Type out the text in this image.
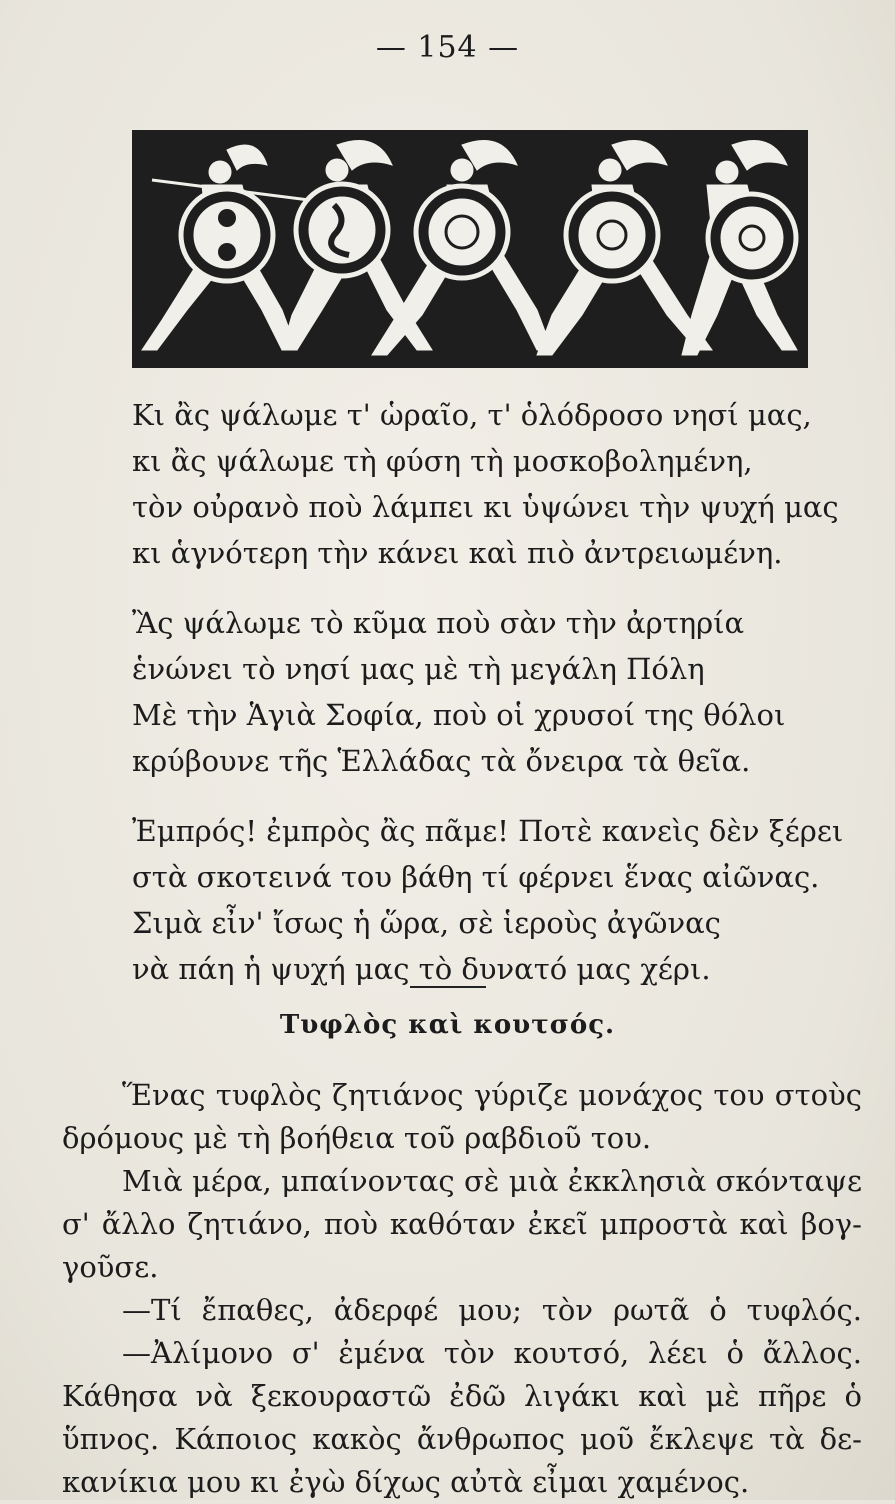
— 154 —
Κι ἂς ψάλωμε τ' ὡραῖο, τ' ὁλόδροσο νησί μας,
κι ἂς ψάλωμε τὴ φύση τὴ μοσκοβολημένη,
τὸν οὐρανὸ ποὺ λάμπει κι ὑψώνει τὴν ψυχή μας
κι ἁγνότερη τὴν κάνει καὶ πιὸ ἀντρειωμένη.
Ἂς ψάλωμε τὸ κῦμα ποὺ σὰν τὴν ἀρτηρία
ἑνώνει τὸ νησί μας μὲ τὴ μεγάλη Πόλη
Μὲ τὴν Ἁγιὰ Σοφία, ποὺ οἱ χρυσοί της θόλοι
κρύβουνε τῆς Ἑλλάδας τὰ ὄνειρα τὰ θεῖα.
Ἐμπρός! ἐμπρὸς ἂς πᾶμε! Ποτὲ κανεὶς δὲν ξέρει
στὰ σκοτεινά του βάθη τί φέρνει ἕνας αἰῶνας.
Σιμὰ εἶν' ἴσως ἡ ὥρα, σὲ ἱεροὺς ἀγῶνας
νὰ πάη ἡ ψυχή μας τὸ δυνατό μας χέρι.
Τυφλὸς καὶ κουτσός.
Ἕνας τυφλὸς ζητιάνος γύριζε μονάχος του στοὺς
δρόμους μὲ τὴ βοήθεια τοῦ ραβδιοῦ του.
Μιὰ μέρα, μπαίνοντας σὲ μιὰ ἐκκλησιὰ σκόνταψε
σ' ἄλλο ζητιάνο, ποὺ καθόταν ἐκεῖ μπροστὰ καὶ βογ-
γοῦσε.
—Τί ἔπαθες, ἀδερφέ μου; τὸν ρωτᾶ ὁ τυφλός.
—Ἀλίμονο σ' ἐμένα τὸν κουτσό, λέει ὁ ἄλλος.
Κάθησα νὰ ξεκουραστῶ ἐδῶ λιγάκι καὶ μὲ πῆρε ὁ
ὕπνος. Κάποιος κακὸς ἄνθρωπος μοῦ ἔκλεψε τὰ δε-
κανίκια μου κι ἐγὼ δίχως αὐτὰ εἶμαι χαμένος.
